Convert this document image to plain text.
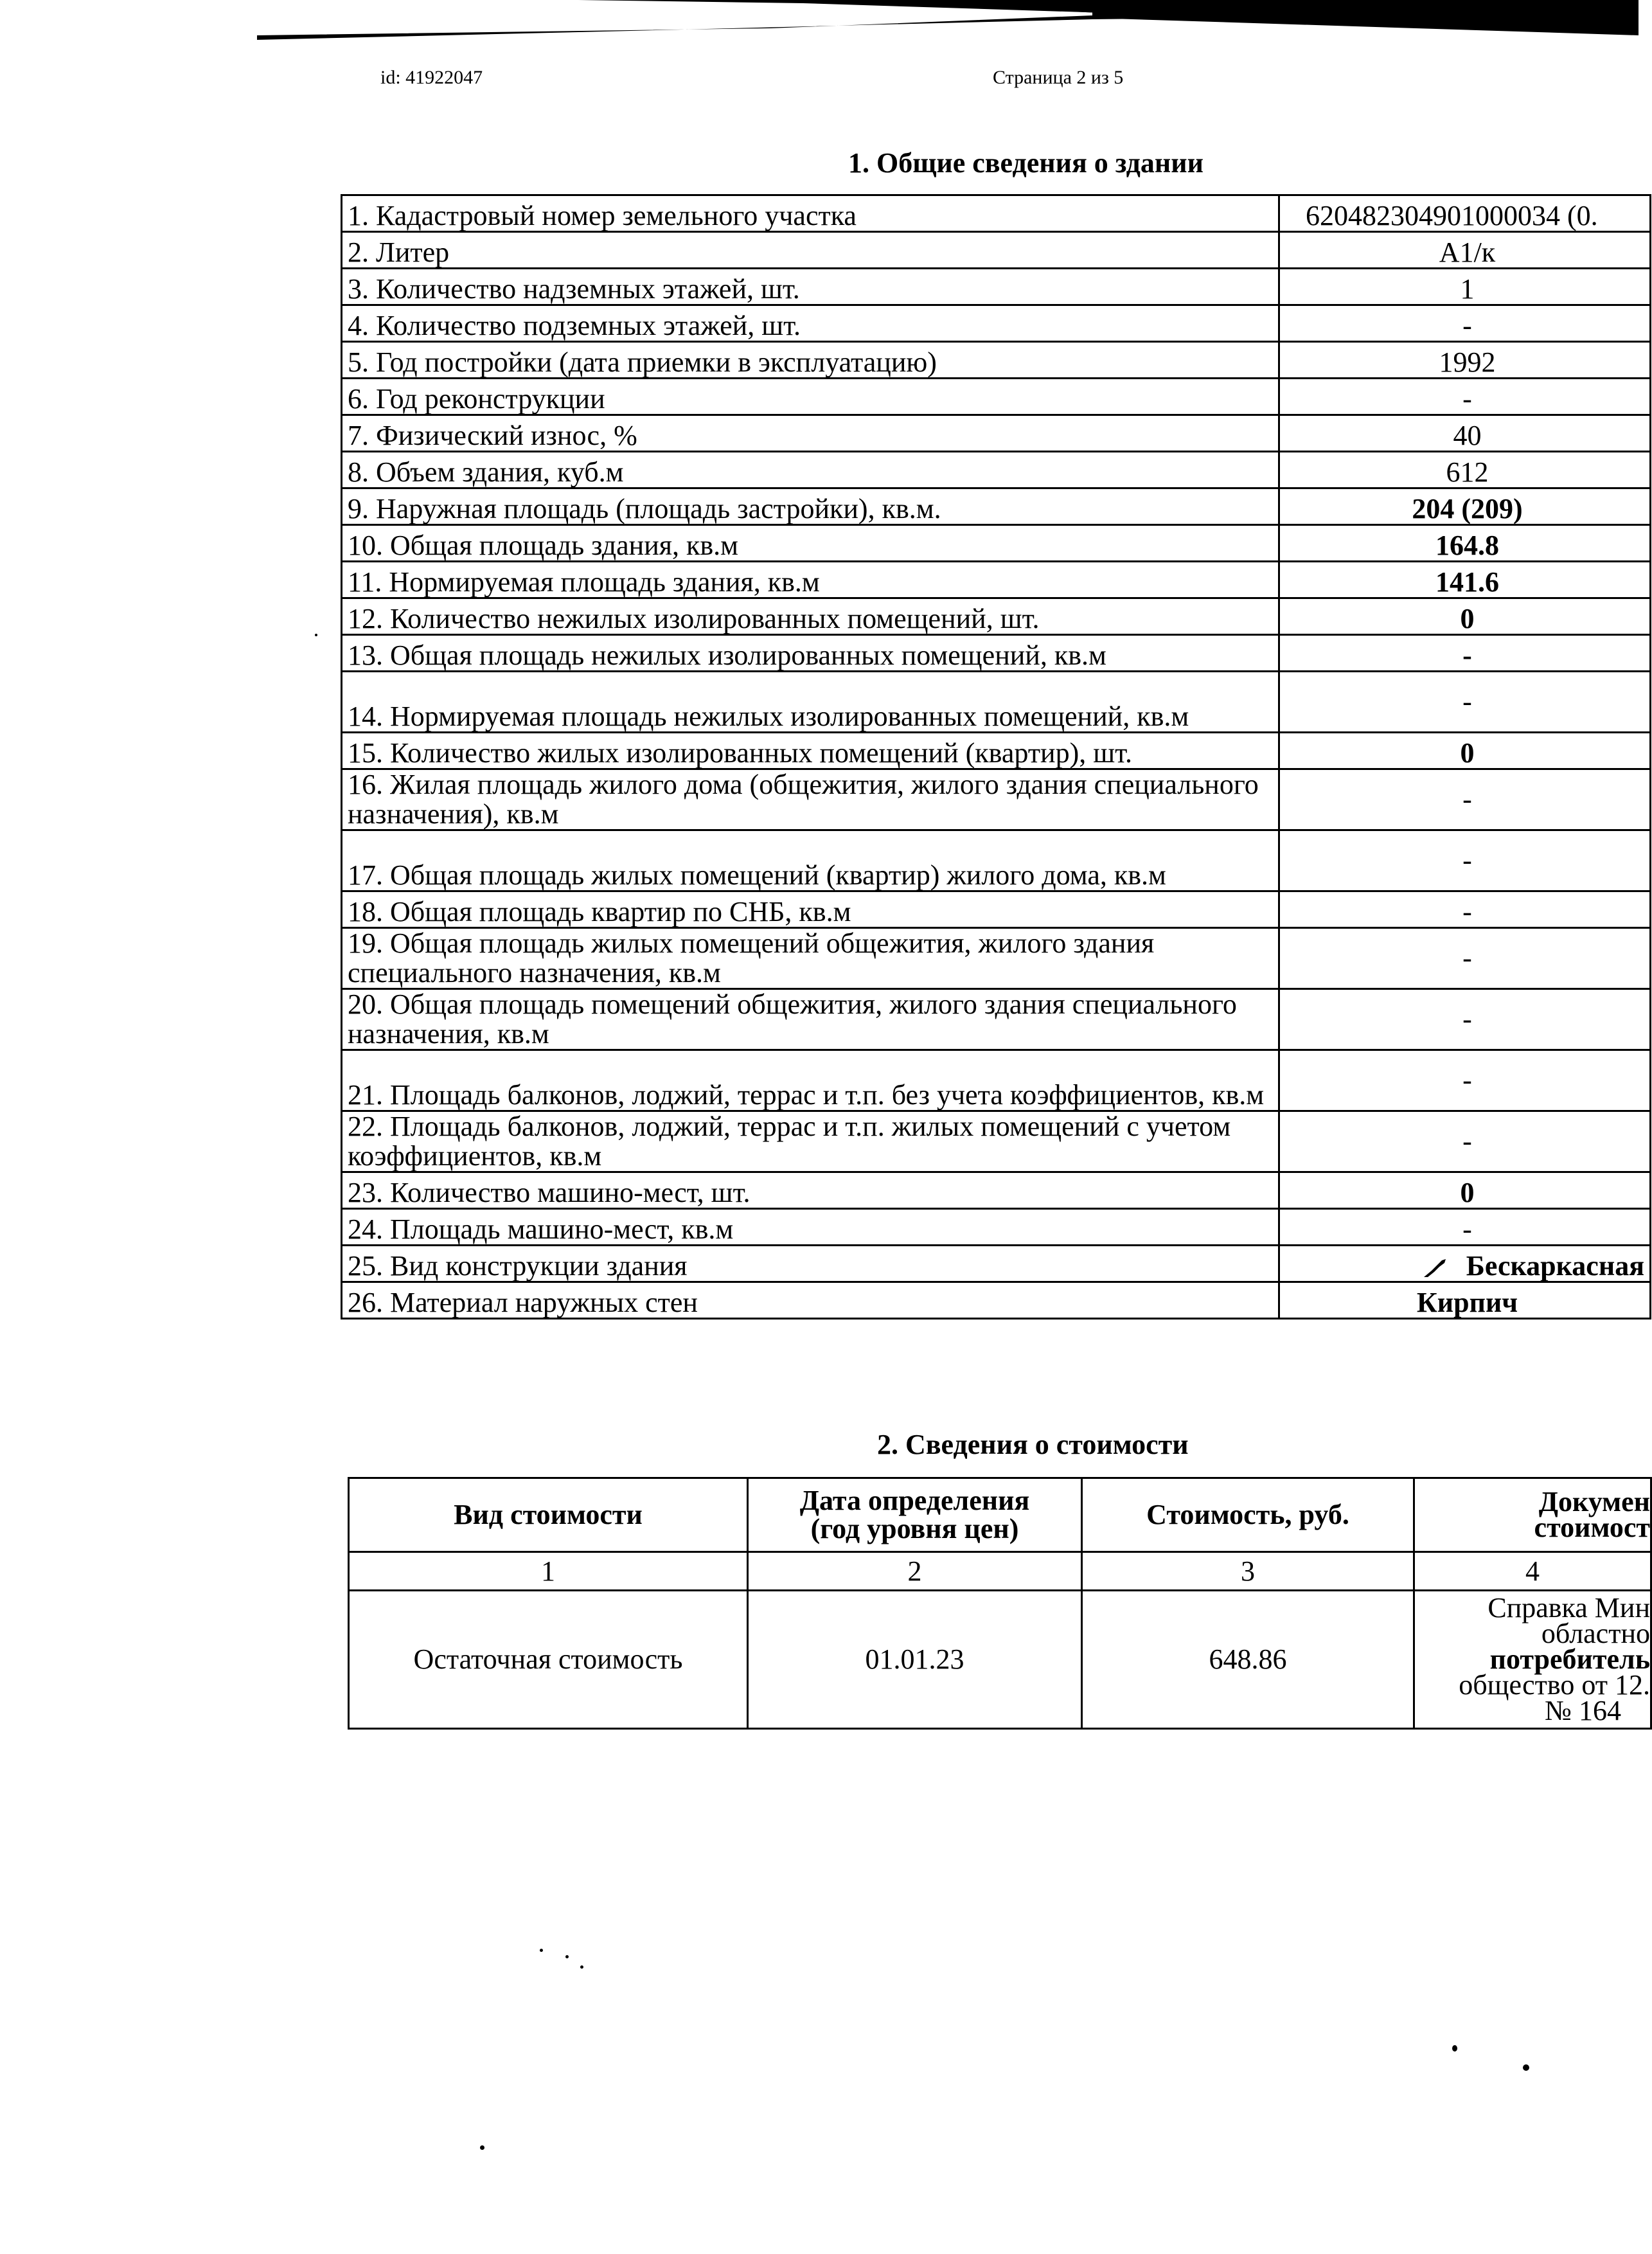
id: 41922047	Страница 2 из 5
1. Общие сведения о здании
1. Кадастровый номер земельного участка	620482304901000034 (0.
2. Литер	А1/к
3. Количество надземных этажей, шт.	1
4. Количество подземных этажей, шт.	-
5. Год постройки (дата приемки в эксплуатацию)	1992
6. Год реконструкции	-
7. Физический износ, %	40
8. Объем здания, куб.м	612
9. Наружная площадь (площадь застройки), кв.м.	204 (209)
10. Общая площадь здания, кв.м	164.8
11. Нормируемая площадь здания, кв.м	141.6
12. Количество нежилых изолированных помещений, шт.	0
13. Общая площадь нежилых изолированных помещений, кв.м	-
14. Нормируемая площадь нежилых изолированных помещений, кв.м	-
15. Количество жилых изолированных помещений (квартир), шт.	0
16. Жилая площадь жилого дома (общежития, жилого здания специального назначения), кв.м	-
17. Общая площадь жилых помещений (квартир) жилого дома, кв.м	-
18. Общая площадь квартир по СНБ, кв.м	-
19. Общая площадь жилых помещений общежития, жилого здания специального назначения, кв.м	-
20. Общая площадь помещений общежития, жилого здания специального назначения, кв.м	-
21. Площадь балконов, лоджий, террас и т.п. без учета коэффициентов, кв.м	-
22. Площадь балконов, лоджий, террас и т.п. жилых помещений с учетом коэффициентов, кв.м	-
23. Количество машино-мест, шт.	0
24. Площадь машино-мест, кв.м	-
25. Вид конструкции здания	Бескаркасная
26. Материал наружных стен	Кирпич
2. Сведения о стоимости
Вид стоимости	Дата определения
(год уровня цен)	Стоимость, руб.	Докумен
стоимост
1	2	3	4
Остаточная стоимость	01.01.23	648.86	
Справка Мин
областно
потребитель
общество от 12.
№ 164
